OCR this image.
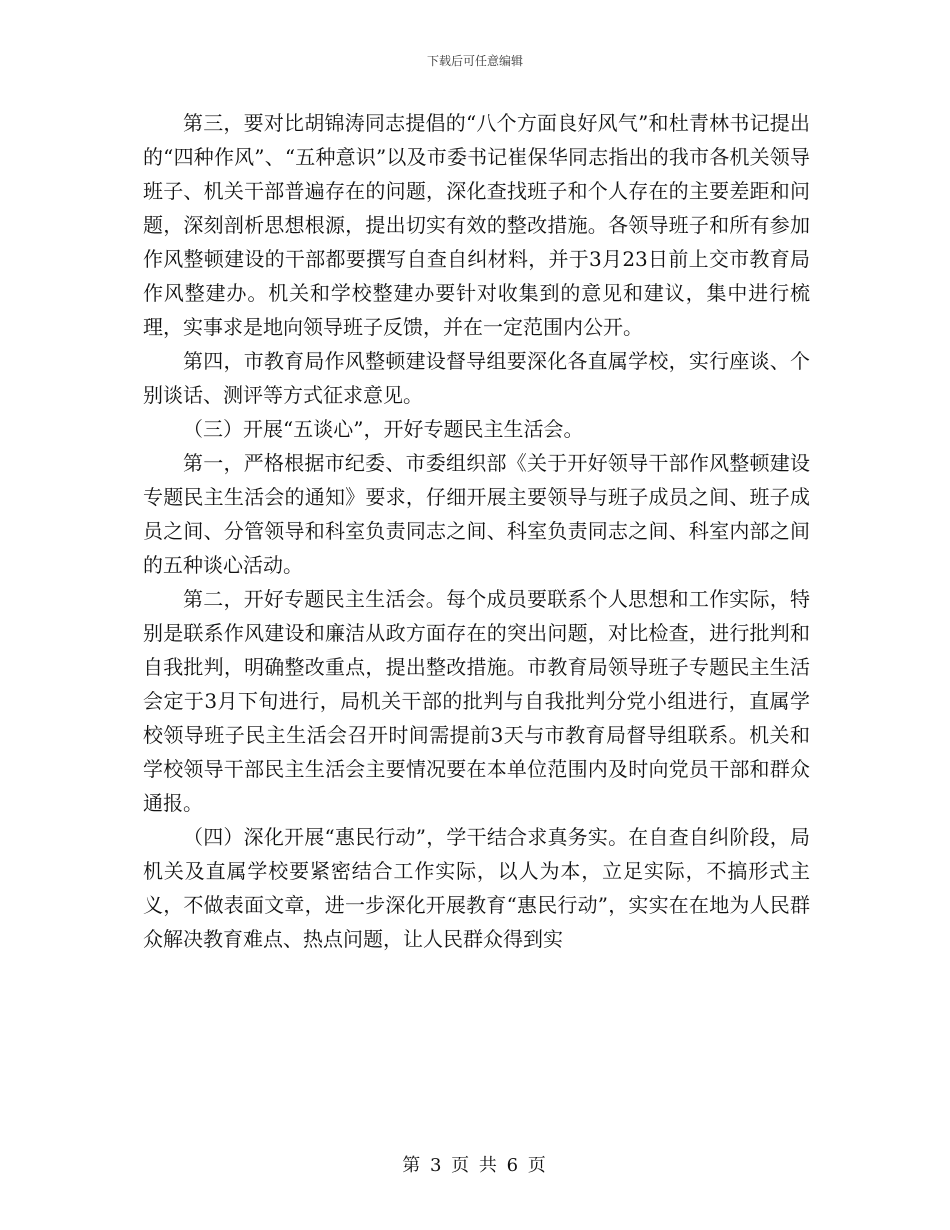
下载后可任意编辑

第三，要对比胡锦涛同志提倡的“八个方面良好风气”和杜青林书记提出的“四种作风”、“五种意识”以及市委书记崔保华同志指出的我市各机关领导班子、机关干部普遍存在的问题，深化查找班子和个人存在的主要差距和问题，深刻剖析思想根源，提出切实有效的整改措施。各领导班子和所有参加作风整顿建设的干部都要撰写自查自纠材料，并于3月23日前上交市教育局作风整建办。机关和学校整建办要针对收集到的意见和建议，集中进行梳理，实事求是地向领导班子反馈，并在一定范围内公开。

第四，市教育局作风整顿建设督导组要深化各直属学校，实行座谈、个别谈话、测评等方式征求意见。

（三）开展“五谈心”，开好专题民主生活会。

第一，严格根据市纪委、市委组织部《关于开好领导干部作风整顿建设专题民主生活会的通知》要求，仔细开展主要领导与班子成员之间、班子成员之间、分管领导和科室负责同志之间、科室负责同志之间、科室内部之间的五种谈心活动。

第二，开好专题民主生活会。每个成员要联系个人思想和工作实际，特别是联系作风建设和廉洁从政方面存在的突出问题，对比检查，进行批判和自我批判，明确整改重点，提出整改措施。市教育局领导班子专题民主生活会定于3月下旬进行，局机关干部的批判与自我批判分党小组进行，直属学校领导班子民主生活会召开时间需提前3天与市教育局督导组联系。机关和学校领导干部民主生活会主要情况要在本单位范围内及时向党员干部和群众通报。

（四）深化开展“惠民行动”，学干结合求真务实。在自查自纠阶段，局机关及直属学校要紧密结合工作实际，以人为本，立足实际，不搞形式主义，不做表面文章，进一步深化开展教育“惠民行动”，实实在在地为人民群众解决教育难点、热点问题，让人民群众得到实

第 3 页 共 6 页
